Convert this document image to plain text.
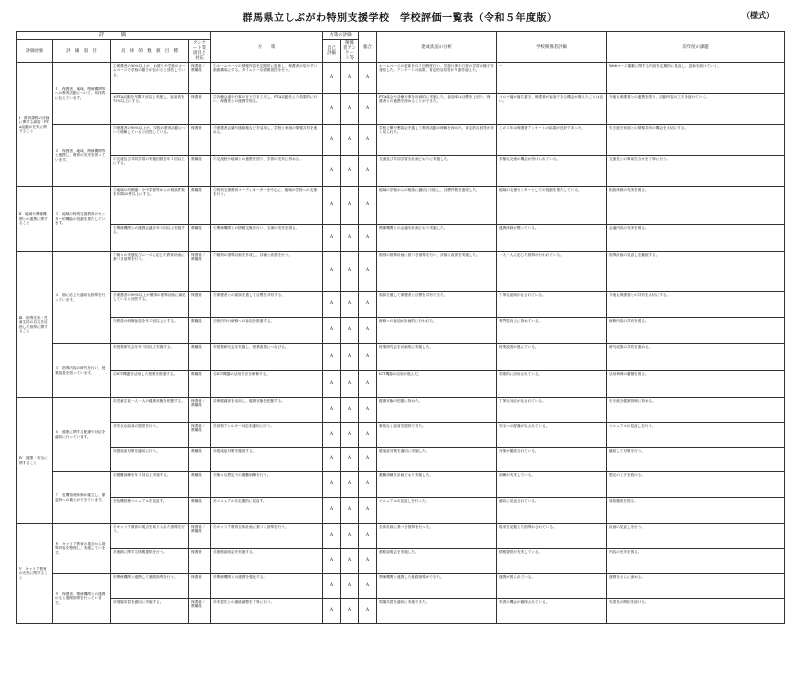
群馬県立しぶがわ特別支援学校　学校評価一覧表（令和５年度版）	（様式）
評　　価				方　　策	方策の評価		総合	達成状況の分析	学校関係者評価	次年度の課題
評価対象	評　価　項　目	具　体　的　数　値　目　標	アンケート等項目と対応		自己評価	関係者アンケート等				
Ⅰ　教育課程の評価に関する調査・PTA活動の充実に関すること	１　保護者、地域、関係機関等への教育活動について、具体的に伝えています。	①保護者の90%以上が、お便りや学校のホームページで学校の様子が伝わると回答している。	保護者／教職員	①ホームページの情報内容を定期的に更新し、保護者が見やすい画面構成にする。タイムリーな情報発信を行う。	A	A	A	ホームページの更新を月２回程度行い、学校行事や日常の学習の様子を発信した。アンケートの結果、肯定的な回答が９割を超えた。	ー	Webページ掲載に関する内容を定期的に見直し、更新を続けていく。
		②PTA活動を年間５回以上実施し、参加者を75%以上にする。	保護者	②各種会議や行事の在り方を工夫し、PTA活動をより効果的に行い、保護者との連携を図る。	A	A	A	PTA総会や各種行事を計画的に実施した。参加率は目標を上回り、保護者との連携を深めることができた。	コロナ禍が落ち着き、保護者が参加できる機会が増えたことは良い。	今後も保護者との連携を図り、活動内容の工夫を続けていく。
	２　保護者、地域、関係機関等と連携し、教育の充実を図っています。	③保護者の90%以上が、学校の教育活動について理解していると回答している。	保護者	③保護者会議や連絡帳などを活用し、学校と家庭の情報共有を進める。	A	A	A	学校公開や懇談会を通して教育活動の理解を深めた。肯定的な回答が多く見られた。	この１年は保護者アンケートの結果が良好であった。	引き続き家庭との情報共有の機会を大切にする。
		④交流及び共同学習の実施回数を年３回以上にする。	教職員	④交流校や地域との連携を図り、学習の充実に努める。	A	A	A	交流及び共同学習を計画どおりに実施した。	多様な交流の機会が設けられている。	交流先との事前打合せを丁寧に行う。
Ⅱ　地域や関係機関との連携に関すること	３　地域の特別支援教育のセンター的機能の役割を果たしています。	⑤地域の幼稚園・小中学校等からの相談件数を年間20件以上にする。	教職員	⑤特別支援教育コーディネーターを中心に、地域の学校への支援を行う。	A	A	A	地域の学校からの相談に適切に対応し、目標件数を達成した。	地域の支援センターとしての役割を果たしている。	相談体制の充実を図る。
		⑥関係機関との連携会議を年２回以上実施する。	教職員	⑥関係機関との情報交換を行い、支援の充実を図る。	A	A	A	関係機関との会議を計画どおり実施した。	連携体制が整っている。	会議内容の充実を図る。
Ⅲ　指導充実・児童生徒の自立を目指した指導に関すること	４　個に応じた適切な指導を行っています。	⑦個々の実態及びニーズに応じた教育計画に基づき指導を行う。	保護者／教職員	⑦個別の指導計画を作成し、評価と改善を行う。	A	A	A	個別の指導計画に基づき指導を行い、評価と改善を実施した。	一人一人に応じた指導が行われている。	指導計画の見直しを継続する。
		⑧保護者の90%以上が個別の指導計画に満足していると回答する。	保護者	⑧保護者との面談を通して目標を共有する。	A	A	A	面談を通して保護者と目標を共有できた。	丁寧な説明がなされている。	今後も保護者との共有を大切にする。
		⑨教員の研修参加を年２回以上にする。	教職員	⑨校内外の研修への参加を推進する。	A	A	A	研修への参加が計画的に行われた。	専門性向上に努めている。	研修内容の共有を図る。
	５　指導内容の研究を行い、授業改善を図っています。	⑩授業研究会を年３回以上実施する。	教職員	⑩授業研究会を実施し、授業改善につなげる。	A	A	A	授業研究会を計画的に実施した。	授業改善が進んでいる。	研究成果の共有を進める。
		⑪ICT機器を活用した授業を推進する。	教職員	⑪ICT機器の活用方法を研修する。	A	A	A	ICT機器の活用が進んだ。	効果的に活用されている。	活用事例の蓄積を図る。
Ⅳ　健康・安全に関すること	６　健康に関する配慮や対応を適切に行っています。	⑫児童生徒一人一人の健康状態を把握する。	保護者／教職員	⑫保健調査を活用し、健康状態を把握する。	A	A	A	健康状態の把握に努めた。	丁寧な対応がなされている。	引き続き健康管理に努める。
		⑬安全な給食の提供を行う。	保護者／教職員	⑬食物アレルギー対応を適切に行う。	A	A	A	事故なく給食を提供できた。	安全への配慮がなされている。	マニュアルの見直しを行う。
		⑭感染症対策を適切に行う。	教職員	⑭感染症対策を徹底する。	A	A	A	感染症対策を適切に実施した。	対策が徹底されている。	継続して対策を行う。
	７　危機管理体制が確立し、緊急時への備えができています。	⑮避難訓練を年３回以上実施する。	教職員	⑮様々な想定での避難訓練を行う。	A	A	A	避難訓練を計画どおり実施した。	訓練が充実している。	想定の工夫を続ける。
		⑯危機管理マニュアルを見直す。	教職員	⑯マニュアルを定期的に見直す。	A	A	A	マニュアルの見直しを行った。	適切に見直されている。	周知徹底を図る。
Ⅴ　キャリア教育の充実に関すること	８　キャリア教育の視点から指導内容を整理し、実施しています。	⑰キャリア教育の視点を取り入れた指導を行う。	保護者／教職員	⑰キャリア教育全体計画に基づく指導を行う。	A	A	A	全体計画に基づき指導を行った。	将来を見据えた指導がされている。	計画の見直しを行う。
		⑱進路に関する情報提供を行う。	保護者	⑱進路説明会を実施する。	A	A	A	進路説明会を実施した。	情報提供が充実している。	内容の充実を図る。
	９　保護者、関係機関との連携のもと進路指導を行っています。	⑲関係機関と連携して進路指導を行う。	保護者	⑲関係機関との連携を強化する。	A	A	A	関係機関と連携した進路指導ができた。	連携が図られている。	連携をさらに深める。
		⑳現場実習を適切に実施する。	保護者／教職員	⑳実習先との連絡調整を丁寧に行う。	A	A	A	現場実習を適切に実施できた。	実習の機会が確保されている。	実習先の開拓を続ける。
